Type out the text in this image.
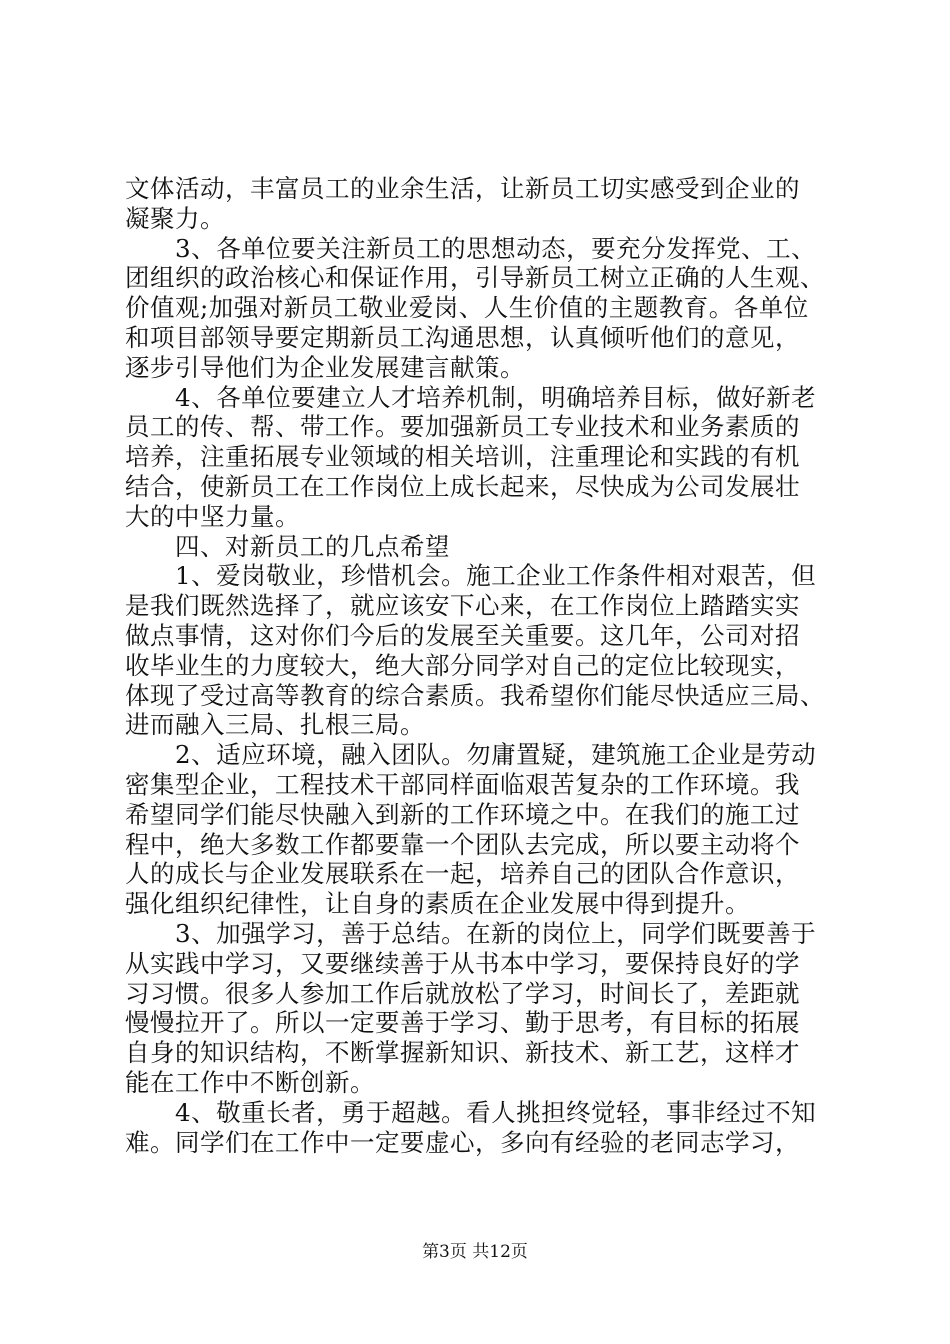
文体活动，丰富员工的业余生活，让新员工切实感受到企业的
凝聚力。
　　3、各单位要关注新员工的思想动态，要充分发挥党、工、
团组织的政治核心和保证作用，引导新员工树立正确的人生观、
价值观;加强对新员工敬业爱岗、人生价值的主题教育。各单位
和项目部领导要定期新员工沟通思想，认真倾听他们的意见，
逐步引导他们为企业发展建言献策。
　　4、各单位要建立人才培养机制，明确培养目标，做好新老
员工的传、帮、带工作。要加强新员工专业技术和业务素质的
培养，注重拓展专业领域的相关培训，注重理论和实践的有机
结合，使新员工在工作岗位上成长起来，尽快成为公司发展壮
大的中坚力量。
　　四、对新员工的几点希望
　　1、爱岗敬业，珍惜机会。施工企业工作条件相对艰苦，但
是我们既然选择了，就应该安下心来，在工作岗位上踏踏实实
做点事情，这对你们今后的发展至关重要。这几年，公司对招
收毕业生的力度较大，绝大部分同学对自己的定位比较现实，
体现了受过高等教育的综合素质。我希望你们能尽快适应三局、
进而融入三局、扎根三局。
　　2、适应环境，融入团队。勿庸置疑，建筑施工企业是劳动
密集型企业，工程技术干部同样面临艰苦复杂的工作环境。我
希望同学们能尽快融入到新的工作环境之中。在我们的施工过
程中，绝大多数工作都要靠一个团队去完成，所以要主动将个
人的成长与企业发展联系在一起，培养自己的团队合作意识，
强化组织纪律性，让自身的素质在企业发展中得到提升。
　　3、加强学习，善于总结。在新的岗位上，同学们既要善于
从实践中学习，又要继续善于从书本中学习，要保持良好的学
习习惯。很多人参加工作后就放松了学习，时间长了，差距就
慢慢拉开了。所以一定要善于学习、勤于思考，有目标的拓展
自身的知识结构，不断掌握新知识、新技术、新工艺，这样才
能在工作中不断创新。
　　4、敬重长者，勇于超越。看人挑担终觉轻，事非经过不知
难。同学们在工作中一定要虚心，多向有经验的老同志学习，
第3页 共12页
